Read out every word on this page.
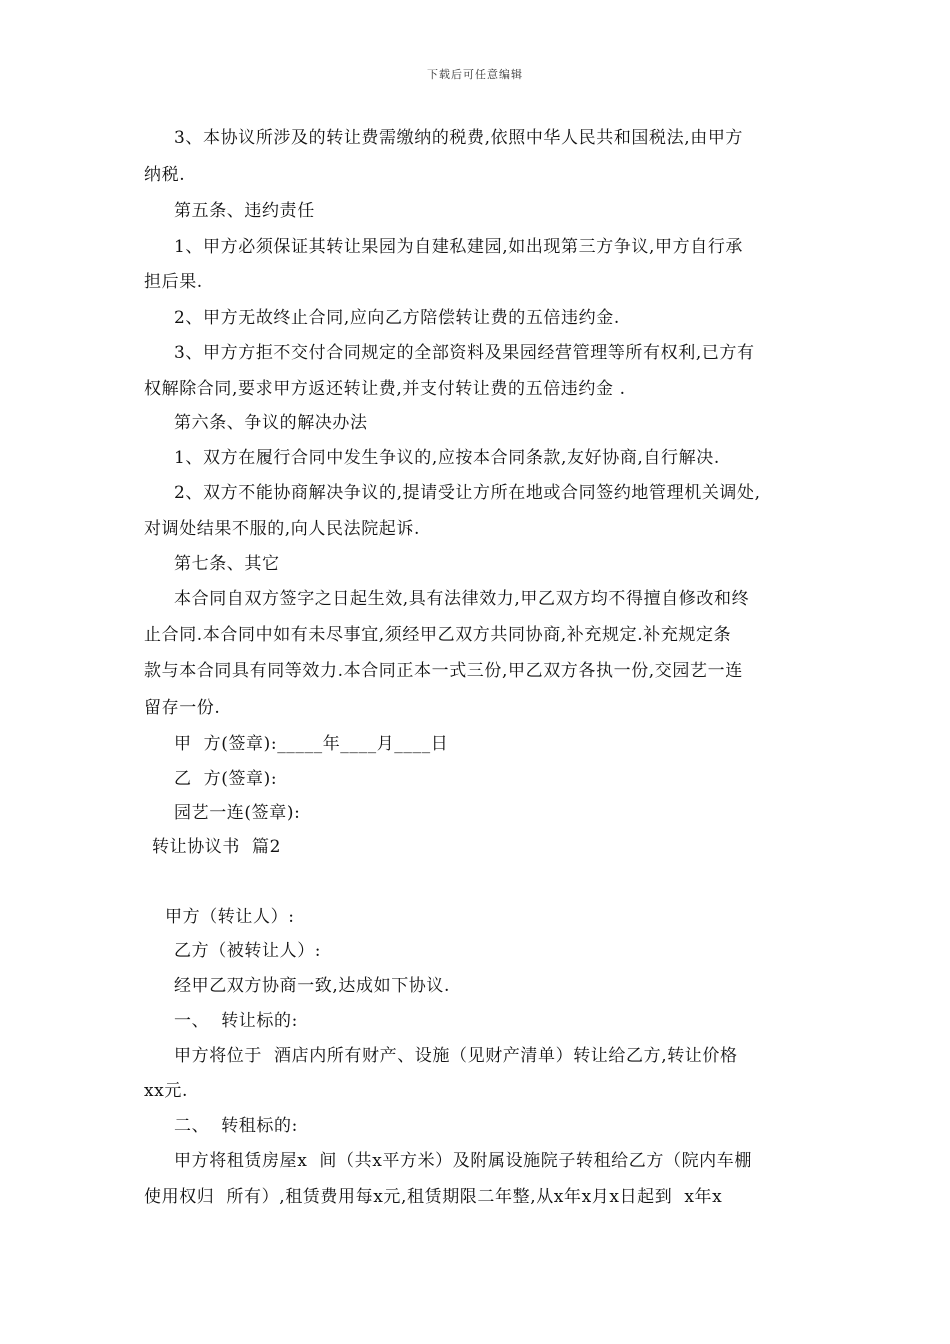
下载后可任意编辑
3、本协议所涉及的转让费需缴纳的税费,依照中华人民共和国税法,由甲方
纳税.
第五条、违约责任
1、甲方必须保证其转让果园为自建私建园,如出现第三方争议,甲方自行承
担后果.
2、甲方无故终止合同,应向乙方陪偿转让费的五倍违约金.
3、甲方方拒不交付合同规定的全部资料及果园经营管理等所有权利,已方有
权解除合同,要求甲方返还转让费,并支付转让费的五倍违约金 .
第六条、争议的解决办法
1、双方在履行合同中发生争议的,应按本合同条款,友好协商,自行解决.
2、双方不能协商解决争议的,提请受让方所在地或合同签约地管理机关调处,
对调处结果不服的,向人民法院起诉.
第七条、其它
本合同自双方签字之日起生效,具有法律效力,甲乙双方均不得擅自修改和终
止合同.本合同中如有未尽事宜,须经甲乙双方共同协商,补充规定.补充规定条
款与本合同具有同等效力.本合同正本一式三份,甲乙双方各执一份,交园艺一连
留存一份.
甲  方(签章):_____年____月____日
乙  方(签章):
园艺一连(签章):
转让协议书  篇2
甲方（转让人）:
乙方（被转让人）:
经甲乙双方协商一致,达成如下协议.
一、  转让标的:
甲方将位于  酒店内所有财产、设施（见财产清单）转让给乙方,转让价格
xx元.
二、  转租标的:
甲方将租赁房屋x  间（共x平方米）及附属设施院子转租给乙方（院内车棚
使用权归  所有）,租赁费用每x元,租赁期限二年整,从x年x月x日起到  x年x
